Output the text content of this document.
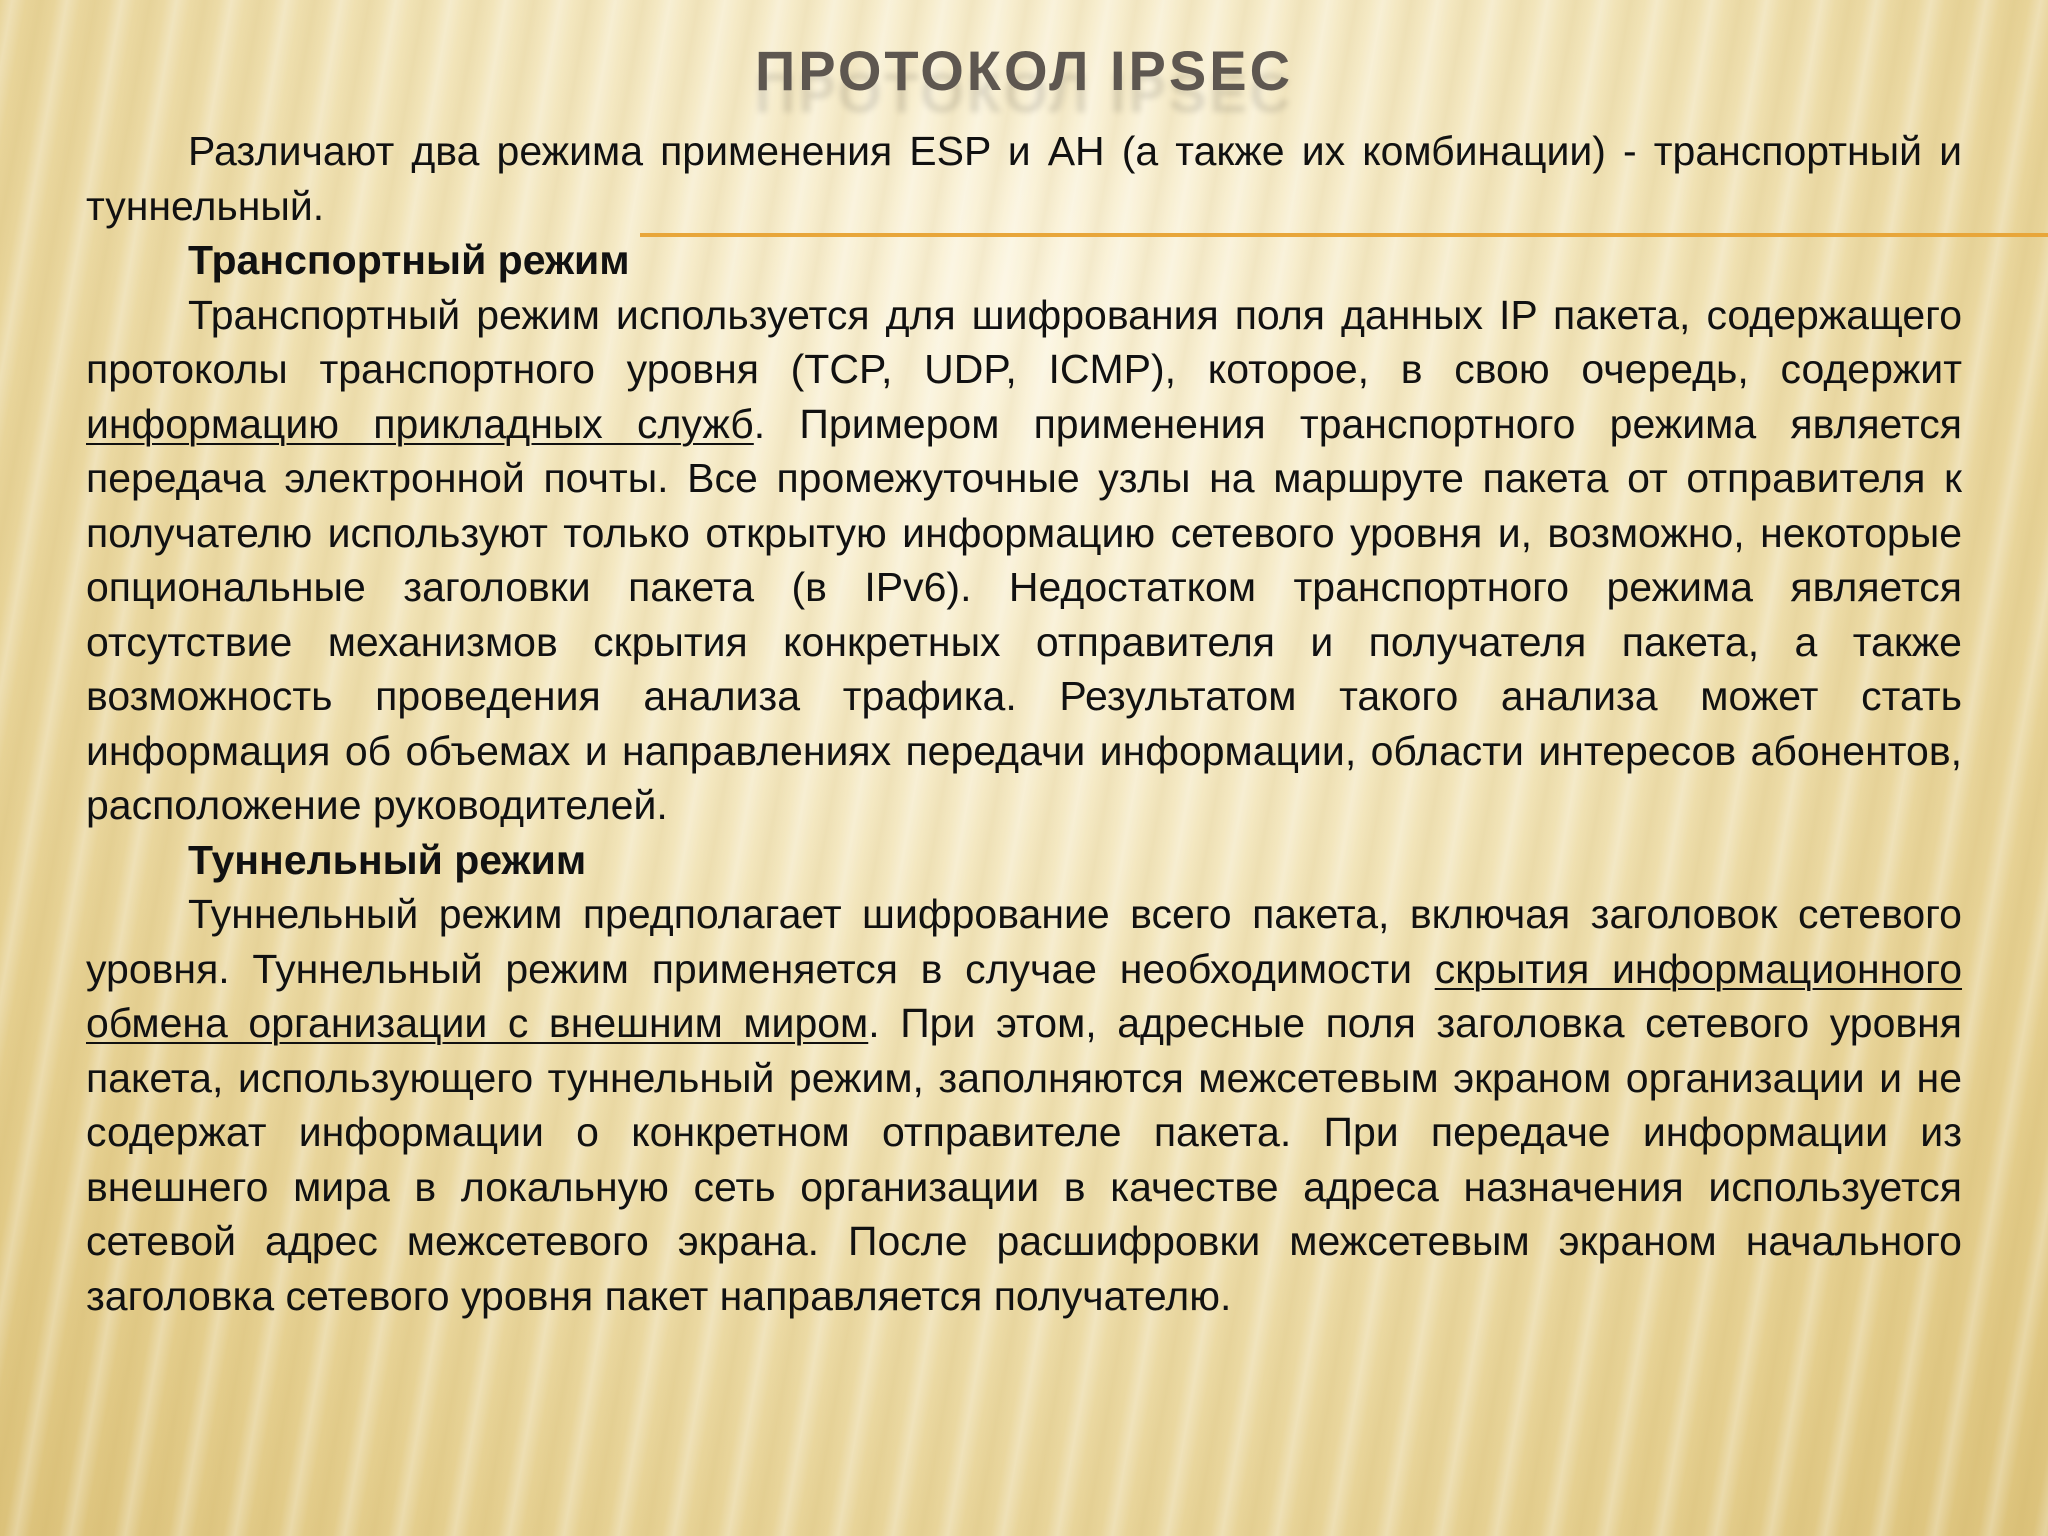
ПРОТОКОЛ IPSEC

Различают два режима применения ESP и АН (а также их комбинации) - транспортный и туннельный.

Транспортный режим

Транспортный режим используется для шифрования поля данных IP пакета, содержащего протоколы транспортного уровня (TCP, UDP, ICMP), которое, в свою очередь, содержит информацию прикладных служб. Примером применения транспортного режима является передача электронной почты. Все промежуточные узлы на маршруте пакета от отправителя к получателю используют только открытую информацию сетевого уровня и, возможно, некоторые опциональные заголовки пакета (в IPv6). Недостатком транспортного режима является отсутствие механизмов скрытия конкретных отправителя и получателя пакета, а также возможность проведения анализа трафика. Результатом такого анализа может стать информация об объемах и направлениях передачи информации, области интересов абонентов, расположение руководителей.

Туннельный режим

Туннельный режим предполагает шифрование всего пакета, включая заголовок сетевого уровня. Туннельный режим применяется в случае необходимости скрытия информационного обмена организации с внешним миром. При этом, адресные поля заголовка сетевого уровня пакета, использующего туннельный режим, заполняются межсетевым экраном организации и не содержат информации о конкретном отправителе пакета. При передаче информации из внешнего мира в локальную сеть организации в качестве адреса назначения используется сетевой адрес межсетевого экрана. После расшифровки межсетевым экраном начального заголовка сетевого уровня пакет направляется получателю.
